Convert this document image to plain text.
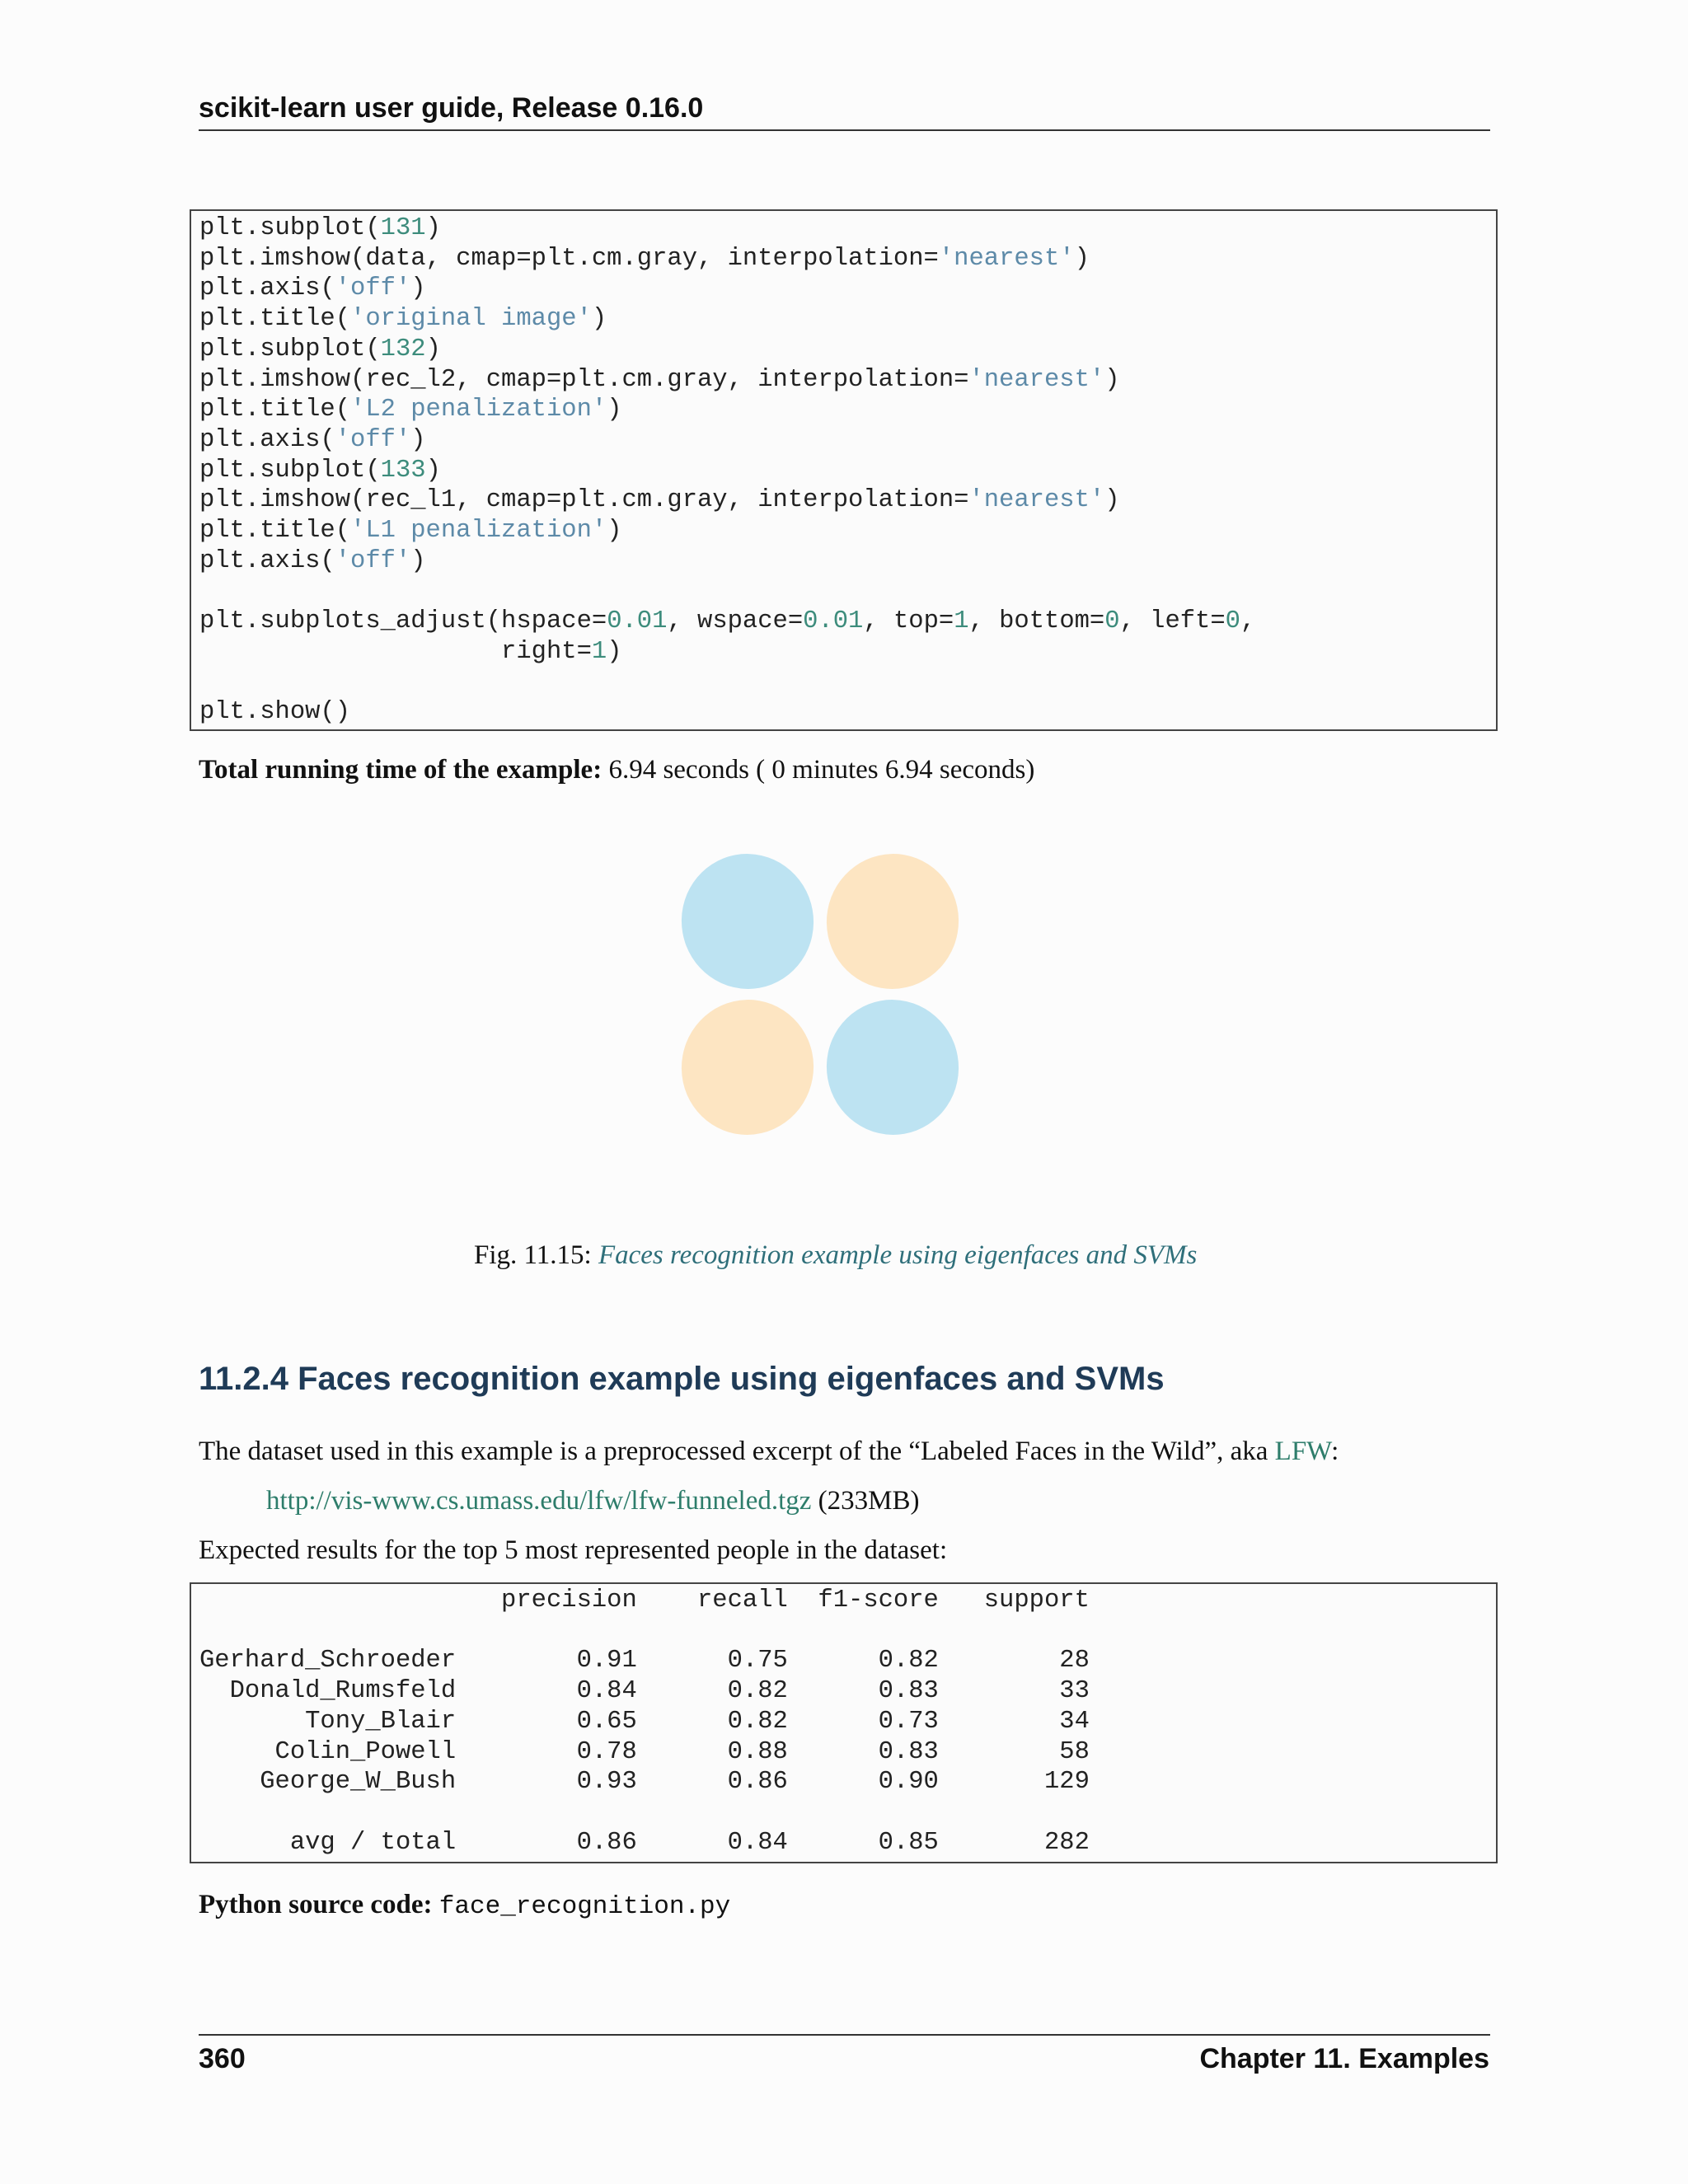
scikit-learn user guide, Release 0.16.0
plt.subplot(131)
plt.imshow(data, cmap=plt.cm.gray, interpolation='nearest')
plt.axis('off')
plt.title('original image')
plt.subplot(132)
plt.imshow(rec_l2, cmap=plt.cm.gray, interpolation='nearest')
plt.title('L2 penalization')
plt.axis('off')
plt.subplot(133)
plt.imshow(rec_l1, cmap=plt.cm.gray, interpolation='nearest')
plt.title('L1 penalization')
plt.axis('off')

plt.subplots_adjust(hspace=0.01, wspace=0.01, top=1, bottom=0, left=0,
right=1)

plt.show()
Total running time of the example: 6.94 seconds ( 0 minutes 6.94 seconds)
Fig. 11.15: Faces recognition example using eigenfaces and SVMs
11.2.4 Faces recognition example using eigenfaces and SVMs
The dataset used in this example is a preprocessed excerpt of the “Labeled Faces in the Wild”, aka LFW:
http://vis-www.cs.umass.edu/lfw/lfw-funneled.tgz (233MB)
Expected results for the top 5 most represented people in the dataset:
precision    recall  f1-score   support

Gerhard_Schroeder        0.91      0.75      0.82        28
Donald_Rumsfeld        0.84      0.82      0.83        33
Tony_Blair        0.65      0.82      0.73        34
Colin_Powell        0.78      0.88      0.83        58
George_W_Bush        0.93      0.86      0.90       129

avg / total        0.86      0.84      0.85       282
Python source code: face_recognition.py
360	Chapter 11. Examples
